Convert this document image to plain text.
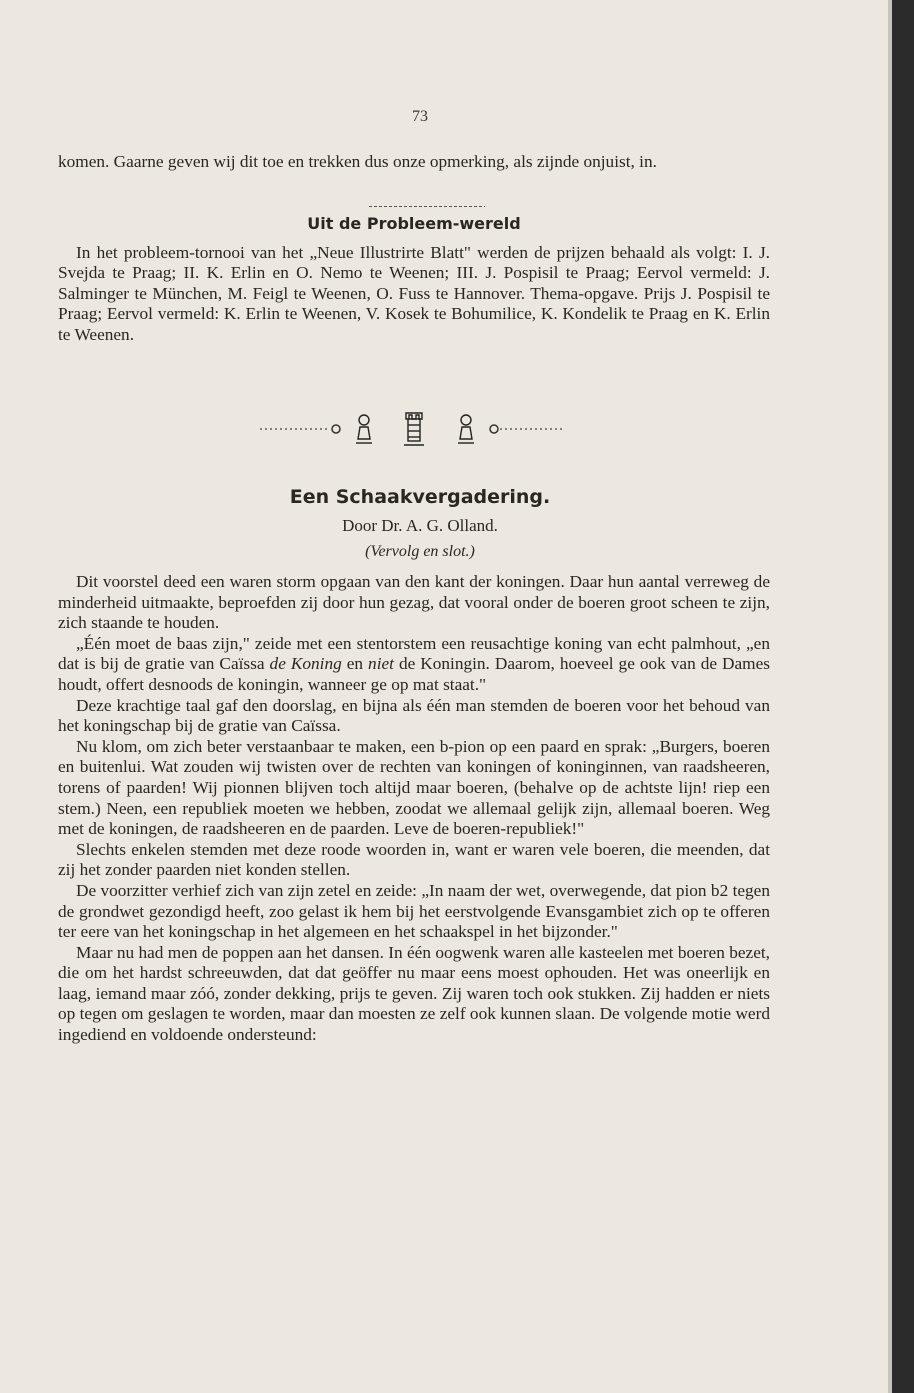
73

komen. Gaarne geven wij dit toe en trekken dus onze opmerking, als zijnde onjuist, in.

Uit de Probleem-wereld

In het probleem-tornooi van het „Neue Illustrirte Blatt" werden de prijzen behaald als volgt: I. J. Svejda te Praag; II. K. Erlin en O. Nemo te Weenen; III. J. Pospisil te Praag; Eervol vermeld: J. Salminger te München, M. Feigl te Weenen, O. Fuss te Hannover. Thema-opgave. Prijs J. Pospisil te Praag; Eervol vermeld: K. Erlin te Weenen, V. Kosek te Bohumilice, K. Kondelik te Praag en K. Erlin te Weenen.

Een Schaakvergadering.
Door Dr. A. G. Olland.
(Vervolg en slot.)

Dit voorstel deed een waren storm opgaan van den kant der koningen. Daar hun aantal verreweg de minderheid uitmaakte, beproefden zij door hun gezag, dat vooral onder de boeren groot scheen te zijn, zich staande te houden.

„Één moet de baas zijn," zeide met een stentorstem een reusachtige koning van echt palmhout, „en dat is bij de gratie van Caïssa de Koning en niet de Koningin. Daarom, hoeveel ge ook van de Dames houdt, offert desnoods de koningin, wanneer ge op mat staat."

Deze krachtige taal gaf den doorslag, en bijna als één man stemden de boeren voor het behoud van het koningschap bij de gratie van Caïssa.

Nu klom, om zich beter verstaanbaar te maken, een b-pion op een paard en sprak: „Burgers, boeren en buitenlui. Wat zouden wij twisten over de rechten van koningen of koninginnen, van raadsheeren, torens of paarden! Wij pionnen blijven toch altijd maar boeren, (behalve op de achtste lijn! riep een stem.) Neen, een republiek moeten we hebben, zoodat we allemaal gelijk zijn, allemaal boeren. Weg met de koningen, de raadsheeren en de paarden. Leve de boeren-republiek!"

Slechts enkelen stemden met deze roode woorden in, want er waren vele boeren, die meenden, dat zij het zonder paarden niet konden stellen.

De voorzitter verhief zich van zijn zetel en zeide: „In naam der wet, overwegende, dat pion b2 tegen de grondwet gezondigd heeft, zoo gelast ik hem bij het eerstvolgende Evansgambiet zich op te offeren ter eere van het koningschap in het algemeen en het schaakspel in het bijzonder."

Maar nu had men de poppen aan het dansen. In één oogwenk waren alle kasteelen met boeren bezet, die om het hardst schreeuwden, dat dat geöffer nu maar eens moest ophouden. Het was oneerlijk en laag, iemand maar zóó, zonder dekking, prijs te geven. Zij waren toch ook stukken. Zij hadden er niets op tegen om geslagen te worden, maar dan moesten ze zelf ook kunnen slaan. De volgende motie werd ingediend en voldoende ondersteund:
